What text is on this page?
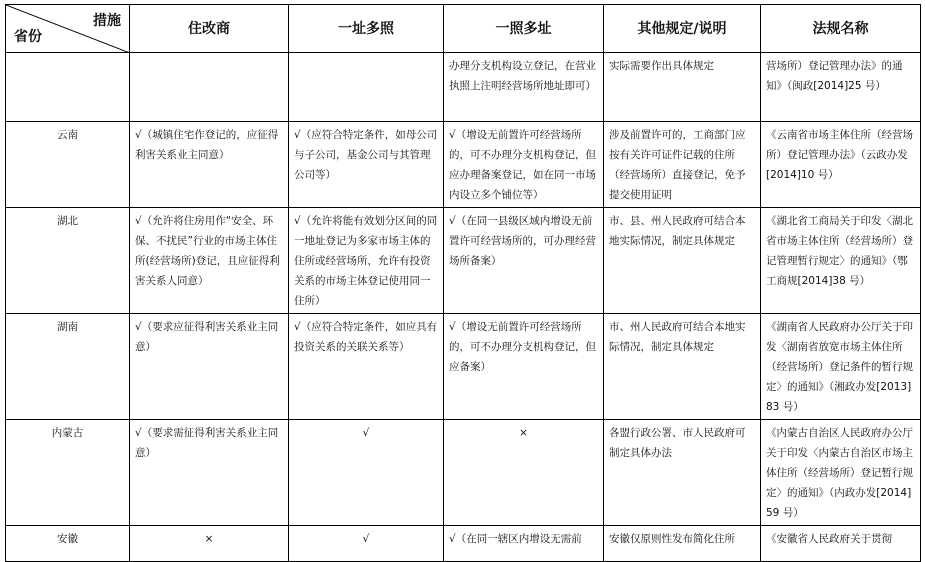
措施
省份	住改商	一址多照	一照多址	其他规定/说明	法规名称
			办理分支机构设立登记，在营业执照上注明经营场所地址即可）	实际需要作出具体规定	营场所）登记管理办法》的通知》（闽政[2014]25 号）
云南	√（城镇住宅作登记的，应征得利害关系业主同意）	√（应符合特定条件，如母公司与子公司，基金公司与其管理公司等）	√（增设无前置许可经营场所的，可不办理分支机构登记，但应办理备案登记，如在同一市场内设立多个铺位等）	涉及前置许可的，工商部门应按有关许可证件记载的住所（经营场所）直接登记，免予提交使用证明	《云南省市场主体住所（经营场所）登记管理办法》（云政办发[2014]10 号）
湖北	√（允许将住房用作“安全、环保、不扰民”行业的市场主体住所(经营场所)登记，且应征得利害关系人同意）	√（允许将能有效划分区间的同一地址登记为多家市场主体的住所或经营场所，允许有投资关系的市场主体登记使用同一住所）	√（在同一县级区域内增设无前置许可经营场所的，可办理经营场所备案）	市、县、州人民政府可结合本地实际情况，制定具体规定	《湖北省工商局关于印发〈湖北省市场主体住所（经营场所）登记管理暂行规定〉的通知》（鄂工商规[2014]38 号）
湖南	√（要求应征得利害关系业主同意）	√（应符合特定条件，如应具有投资关系的关联关系等）	√（增设无前置许可经营场所的，可不办理分支机构登记，但应备案）	市、州人民政府可结合本地实际情况，制定具体规定	《湖南省人民政府办公厅关于印发〈湖南省放宽市场主体住所（经营场所）登记条件的暂行规定〉的通知》（湘政办发[2013]83 号）
内蒙古	√（要求需征得利害关系业主同意）	√	×	各盟行政公署、市人民政府可制定具体办法	《内蒙古自治区人民政府办公厅关于印发〈内蒙古自治区市场主体住所（经营场所）登记暂行规定〉的通知》（内政办发[2014]59 号）
安徽	×	√	√（在同一辖区内增设无需前	安徽仅原则性发布简化住所	《安徽省人民政府关于贯彻
